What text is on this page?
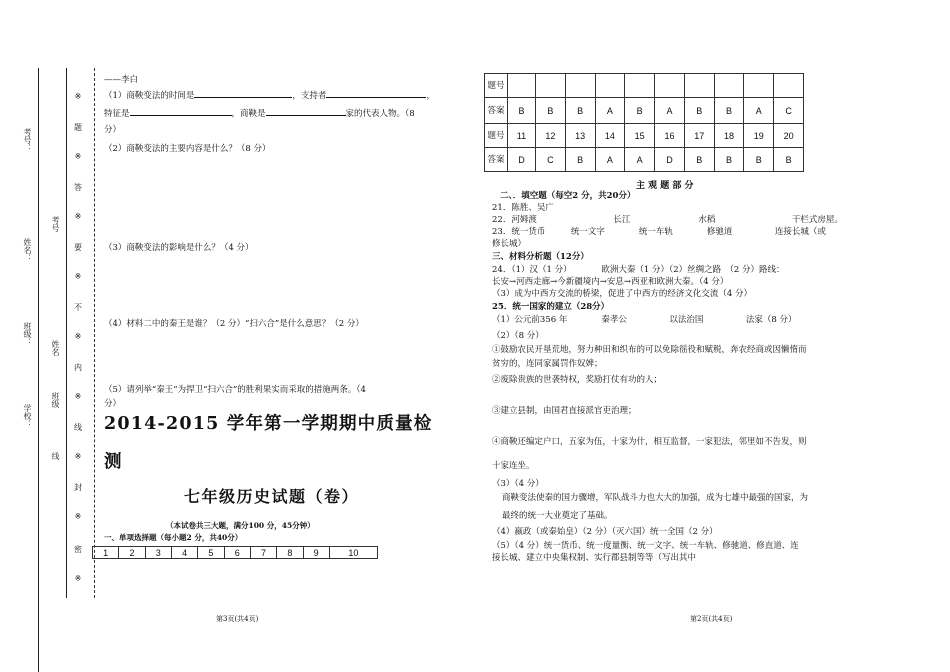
考号：
姓名：
班级：
学校：
考号
姓名
班级
线
※
题
※
答
※
要
※
不
※
内
※
线
※
封
※
密
※
——李白
（1）商鞅变法的时间是	，支持者	，
特征是	，商鞅是	家的代表人物。（8
分）
（2）商鞅变法的主要内容是什么？（8 分）
（3）商鞅变法的影响是什么？（4 分）
（4）材料二中的秦王是谁？（2 分）“扫六合”是什么意思？（2 分）
（5）请列举“秦王”为捍卫“扫六合”的胜利果实而采取的措施两条。（4
分）
2014-2015 学年第一学期期中质量检
测
七年级历史试题（卷）
（本试卷共三大题，满分100 分，45分钟）
一、单项选择题（每小题2 分，共40分）
1	2	3	4	5	6	7	8	9	10
第3页(共4页)
题号										
答案	B	B	B	A	B	A	B	B	A	C
题号	11	12	13	14	15	16	17	18	19	20
答案	D	C	B	A	A	D	B	B	B	B
主 观 题 部 分
二、．填空题（每空2 分，共20分）
21．陈胜、吴广
22．河姆渡　　　　　　　　　长江　　　　　　　　水稻　　　　　　　　　干栏式房屋。
23．统一货币　　　统一文字　　　　统一车轨　　　　修驰道　　　　　连接长城（或
修长城）
三、材料分析题（12分）
24．（1）汉（1 分）　　　　欧洲大秦（1 分）（2）丝绸之路　（2 分）路线：
长安→河西走廊→今新疆境内→安息→西亚和欧洲大秦。（4 分）
（3）成为中西方交流的桥梁，促进了中西方的经济文化交流（4 分）
25．统一国家的建立（28分）
（1）公元前356 年　　　　秦孝公　　　　　以法治国　　　　　法家（8 分）
（2）（8 分）
①鼓励农民开垦荒地，努力种田和织布的可以免除徭役和赋税，奔农经商或因懒惰而
贫穷的，连同家属罚作奴婢；
②废除贵族的世袭特权，奖励打仗有功的人；
③建立县制，由国君直接派官吏治理；
④商鞅还编定户口，五家为伍，十家为什，相互监督，一家犯法，邻里如不告发，则
十家连坐。
（3）（4 分）
商鞅变法使秦的国力骤增，军队战斗力也大大的加强，成为七雄中最强的国家，为
最终的统一大业奠定了基础。
（4）嬴政（或秦始皇）（2 分）（灭六国）统一全国（2 分）
（5）（4 分）统一货币、统一度量衡、统一文字、统一车轨、修驰道、修直道、连
接长城、建立中央集权制、实行郡县制等等（写出其中
第2页(共4页)
